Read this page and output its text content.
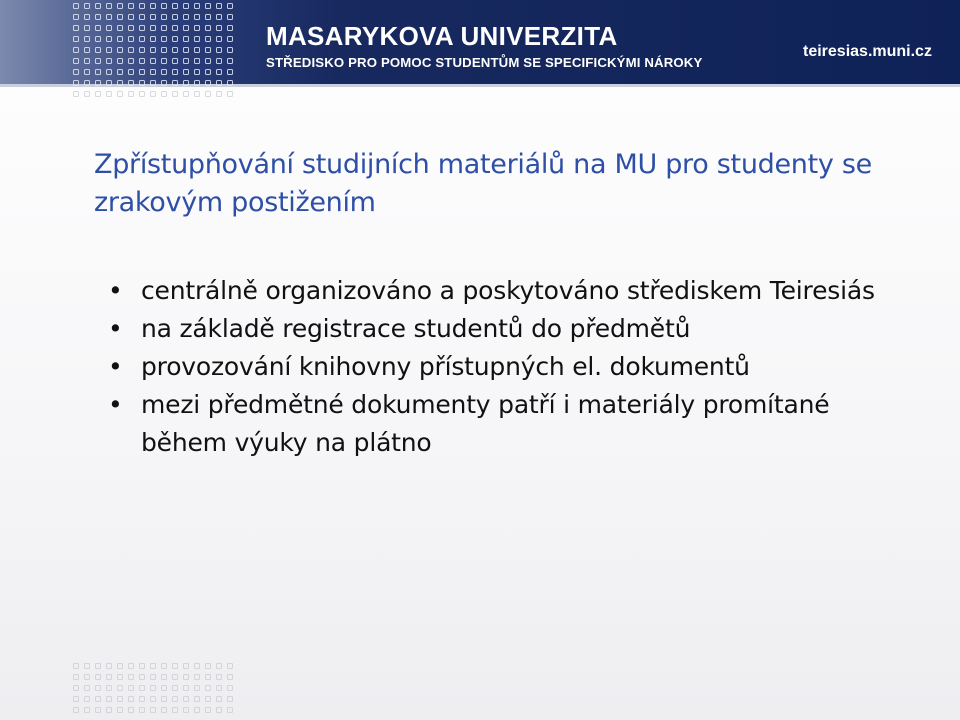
MASARYKOVA UNIVERZITA
STŘEDISKO PRO POMOC STUDENTŮM SE SPECIFICKÝMI NÁROKY
teiresias.muni.cz
Zpřístupňování studijních materiálů na MU pro studenty se zrakovým postižením
• centrálně organizováno a poskytováno střediskem Teiresiás
• na základě registrace studentů do předmětů
• provozování knihovny přístupných el. dokumentů
• mezi předmětné dokumenty patří i materiály promítané během výuky na plátno
